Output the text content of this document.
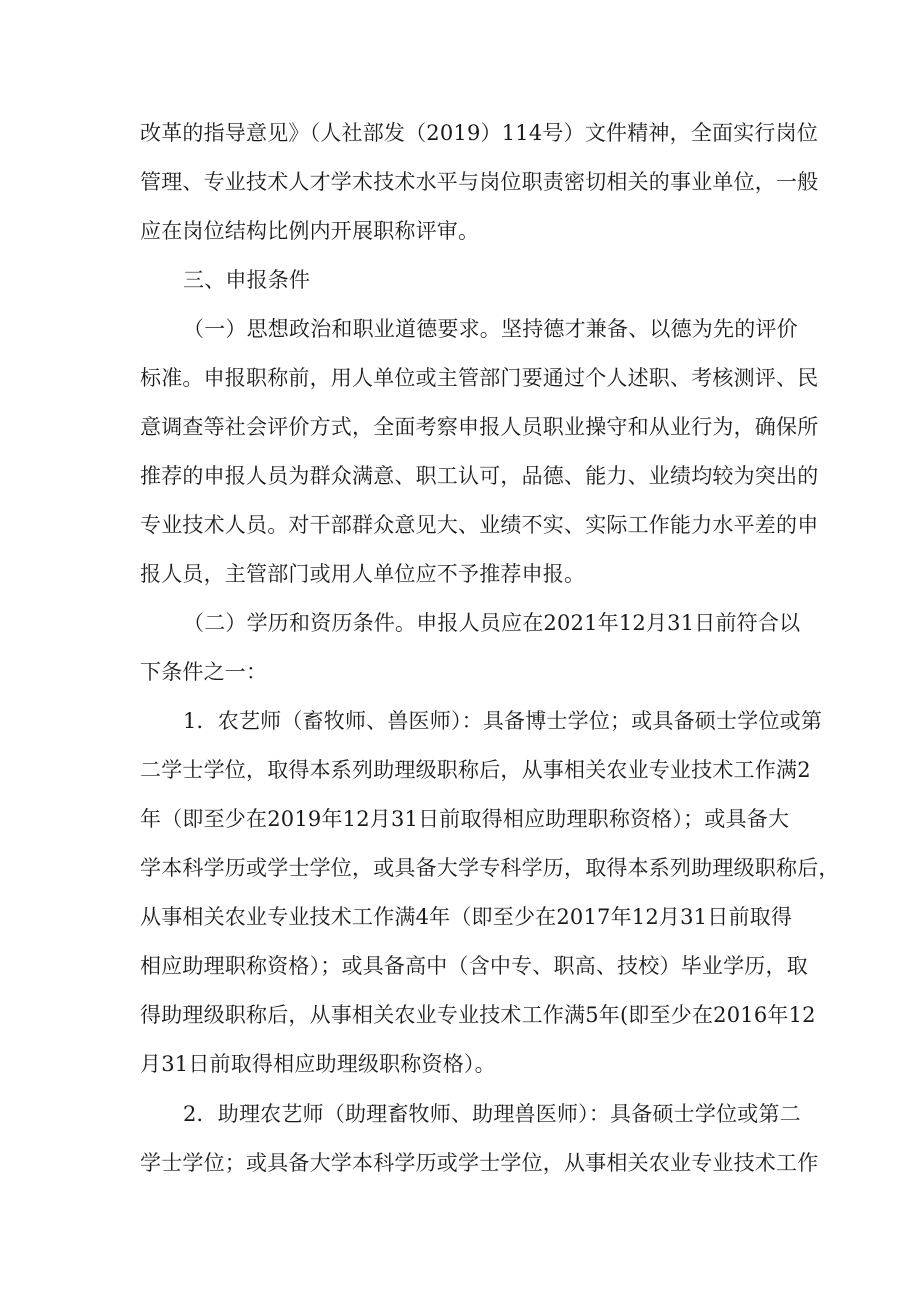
改革的指导意见》（人社部发（2019）114号）文件精神，全面实行岗位
管理、专业技术人才学术技术水平与岗位职责密切相关的事业单位，一般
应在岗位结构比例内开展职称评审。
三、申报条件
（一）思想政治和职业道德要求。坚持德才兼备、以德为先的评价
标准。申报职称前，用人单位或主管部门要通过个人述职、考核测评、民
意调查等社会评价方式，全面考察申报人员职业操守和从业行为，确保所
推荐的申报人员为群众满意、职工认可，品德、能力、业绩均较为突出的
专业技术人员。对干部群众意见大、业绩不实、实际工作能力水平差的申
报人员，主管部门或用人单位应不予推荐申报。
（二）学历和资历条件。申报人员应在2021年12月31日前符合以
下条件之一：
1．农艺师（畜牧师、兽医师）：具备博士学位；或具备硕士学位或第
二学士学位，取得本系列助理级职称后，从事相关农业专业技术工作满2
年（即至少在2019年12月31日前取得相应助理职称资格）；或具备大
学本科学历或学士学位，或具备大学专科学历，取得本系列助理级职称后，
从事相关农业专业技术工作满4年（即至少在2017年12月31日前取得
相应助理职称资格）；或具备高中（含中专、职高、技校）毕业学历，取
得助理级职称后，从事相关农业专业技术工作满5年(即至少在2016年12
月31日前取得相应助理级职称资格）。
2．助理农艺师（助理畜牧师、助理兽医师）：具备硕士学位或第二
学士学位；或具备大学本科学历或学士学位，从事相关农业专业技术工作
